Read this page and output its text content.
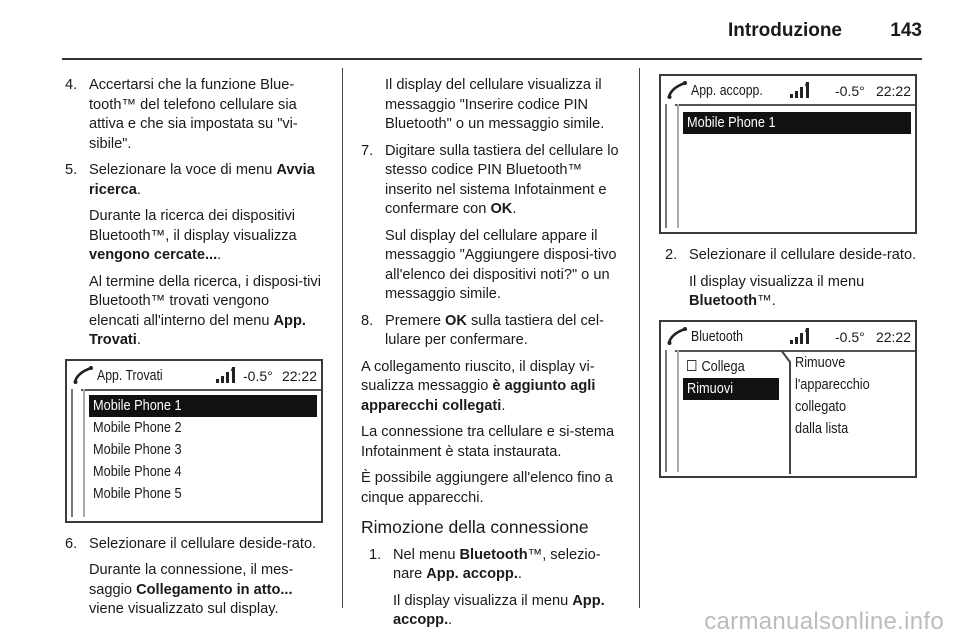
Introduzione	143
4. Accertarsi che la funzione Blue-tooth™ del telefono cellulare sia attiva e che sia impostata su "vi-sibile".

5. Selezionare la voce di menu Avvia ricerca.

Durante la ricerca dei dispositivi Bluetooth™, il display visualizza vengono cercate....

Al termine della ricerca, i disposi-tivi Bluetooth™ trovati vengono elencati all'interno del menu App. Trovati.

App. Trovati	-0.5° 22:22
Mobile Phone 1
Mobile Phone 2
Mobile Phone 3
Mobile Phone 4
Mobile Phone 5
6. Selezionare il cellulare deside-rato.

Durante la connessione, il mes-saggio Collegamento in atto... viene visualizzato sul display.

Il display del cellulare visualizza il messaggio "Inserire codice PIN Bluetooth" o un messaggio simile.

7. Digitare sulla tastiera del cellulare lo stesso codice PIN Bluetooth™ inserito nel sistema Infotainment e confermare con OK.

Sul display del cellulare appare il messaggio "Aggiungere disposi-tivo all'elenco dei dispositivi noti?" o un messaggio simile.

8. Premere OK sulla tastiera del cel-lulare per confermare.

A collegamento riuscito, il display vi-sualizza messaggio è aggiunto agli apparecchi collegati.

La connessione tra cellulare e si-stema Infotainment è stata instaurata.

È possibile aggiungere all'elenco fino a cinque apparecchi.

Rimozione della connessione
1. Nel menu Bluetooth™, selezio-nare App. accopp..

Il display visualizza il menu App. accopp..

App. accopp.	-0.5° 22:22
Mobile Phone 1
2. Selezionare il cellulare deside-rato.

Il display visualizza il menu Bluetooth™.

Bluetooth	-0.5° 22:22
Collega
Rimuovi
Rimuove
l'apparecchio
collegato
dalla lista
carmanualsonline.info
